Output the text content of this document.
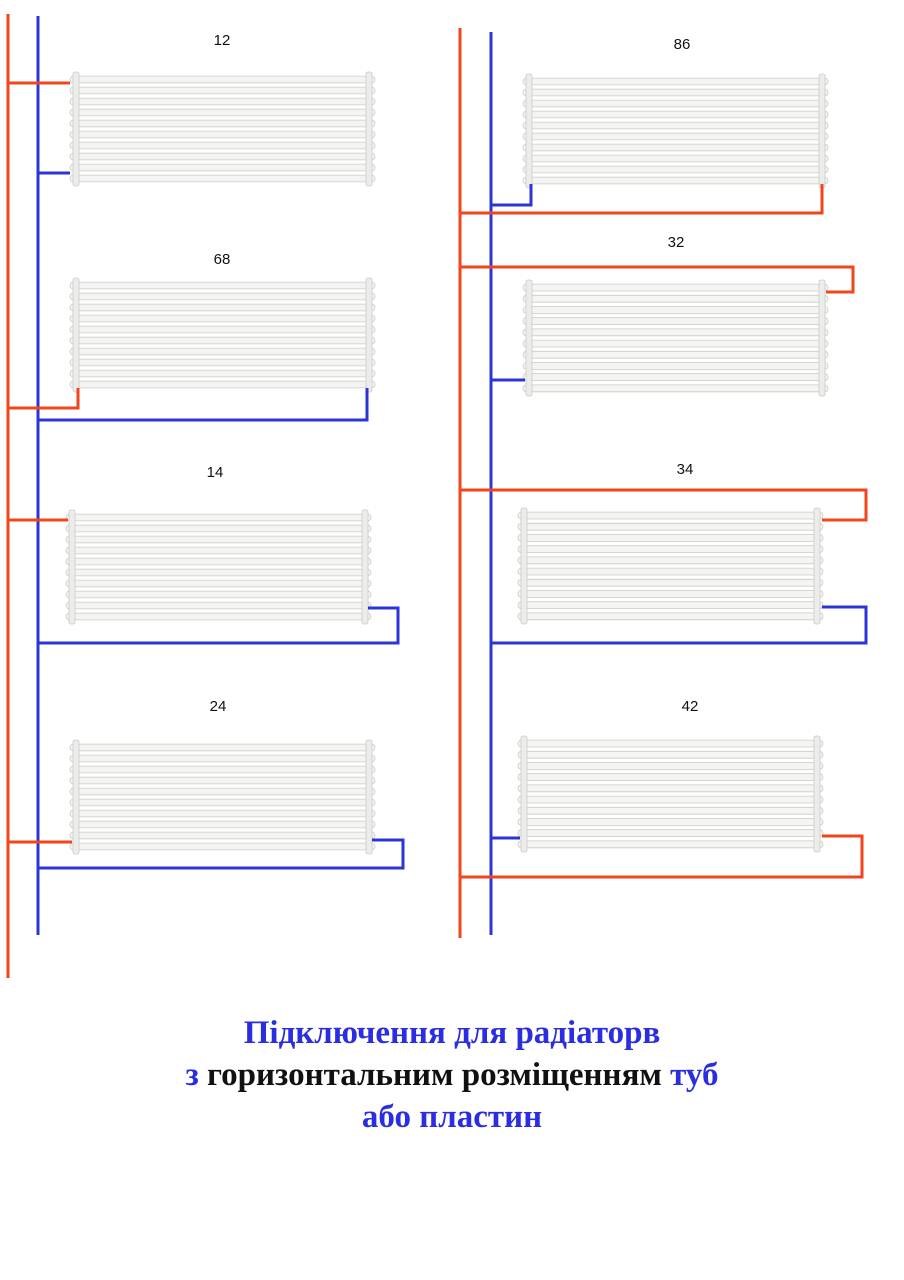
12
68
14
24
86
32
34
42
Підключення для радіаторв
з горизонтальним розміщенням туб
або пластин
